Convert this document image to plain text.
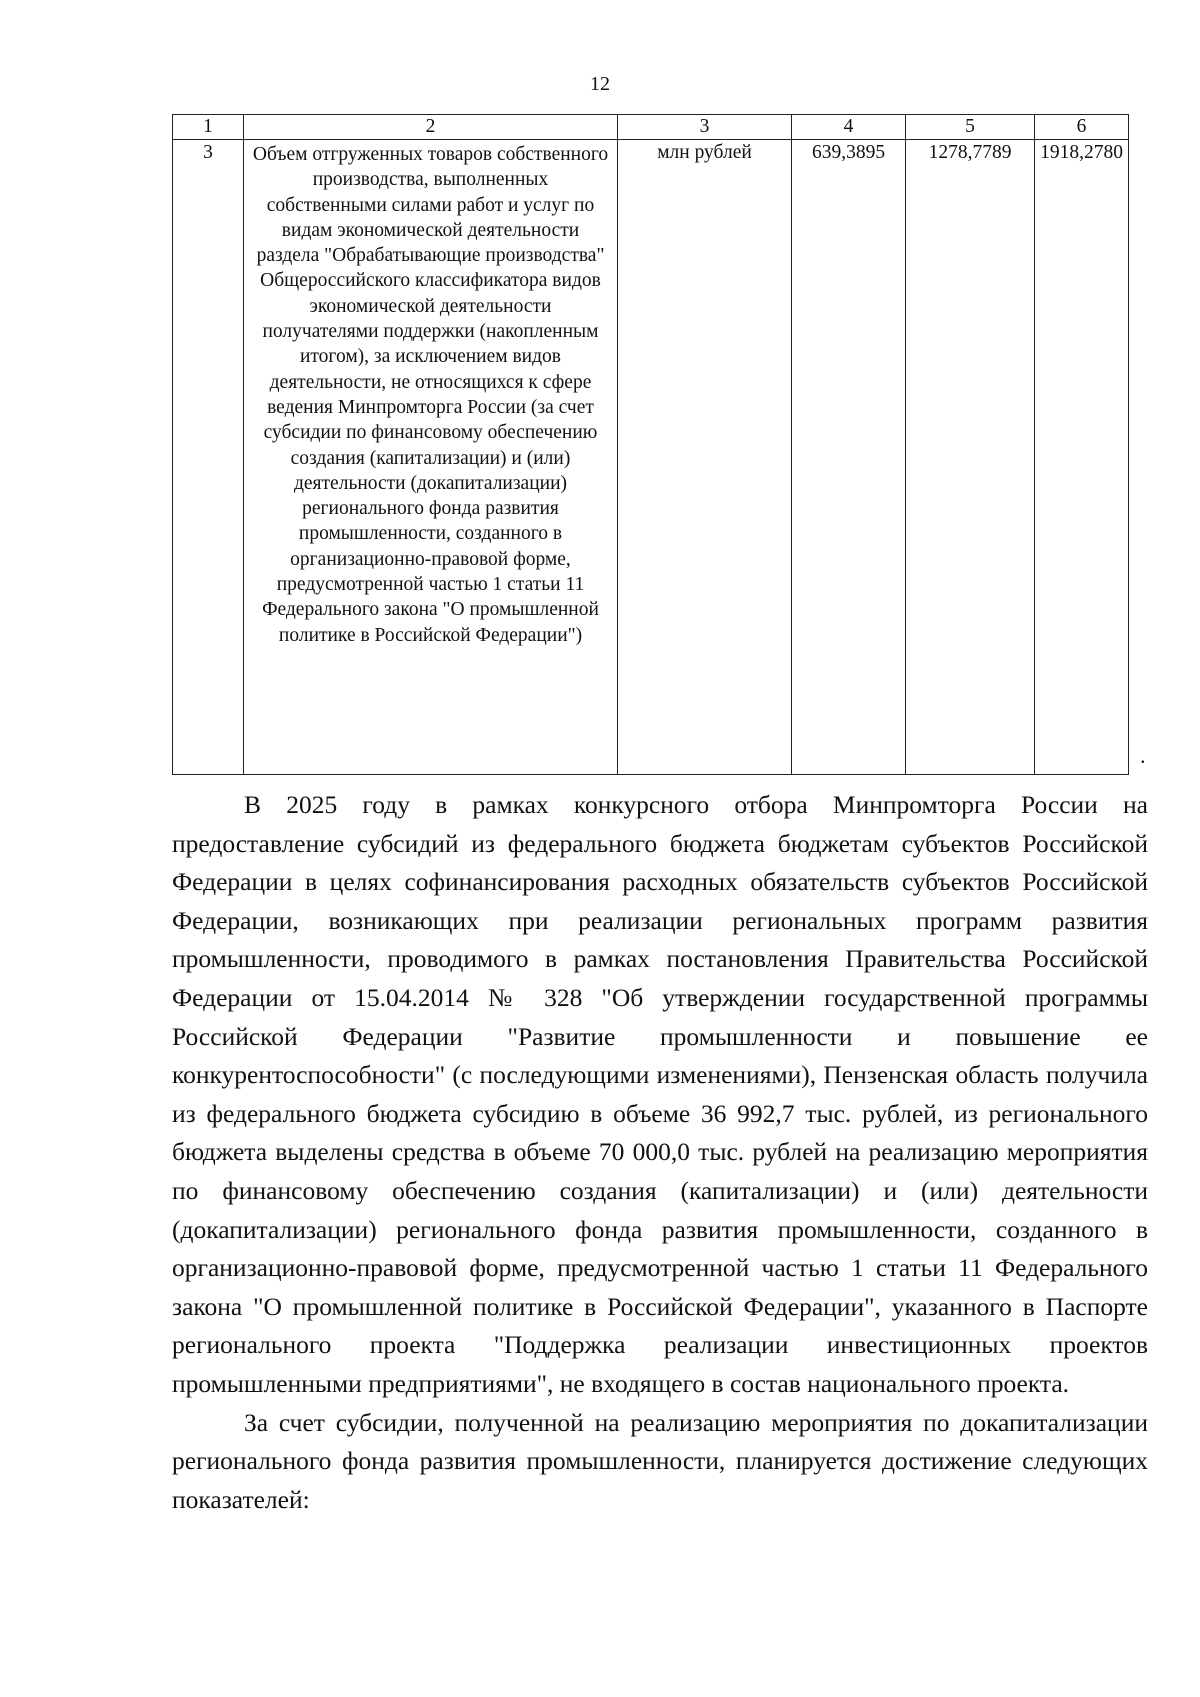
12
1	2	3	4	5	6
3	Объем отгруженных товаров собственного производства, выполненных собственными силами работ и услуг по видам экономической деятельности раздела "Обрабатывающие производства" Общероссийского классификатора видов экономической деятельности получателями поддержки (накопленным итогом), за исключением видов деятельности, не относящихся к сфере ведения Минпромторга России (за счет субсидии по финансовому обеспечению создания (капитализации) и (или) деятельности (докапитализации) регионального фонда развития промышленности, созданного в организационно-правовой форме, предусмотренной частью 1 статьи 11 Федерального закона "О промышленной политике в Российской Федерации")	млн рублей	639,3895	1278,7789	1918,2780
.

В 2025 году в рамках конкурсного отбора Минпромторга России на предоставление субсидий из федерального бюджета бюджетам субъектов Российской Федерации в целях софинансирования расходных обязательств субъектов Российской Федерации, возникающих при реализации региональных программ развития промышленности, проводимого в рамках постановления Правительства Российской Федерации от 15.04.2014 № 328 "Об утверждении государственной программы Российской Федерации "Развитие промышленности и повышение ее конкурентоспособности" (с последующими изменениями), Пензенская область получила из федерального бюджета субсидию в объеме 36 992,7 тыс. рублей, из регионального бюджета выделены средства в объеме 70 000,0 тыс. рублей на реализацию мероприятия по финансовому обеспечению создания (капитализации) и (или) деятельности (докапитализации) регионального фонда развития промышленности, созданного в организационно-правовой форме, предусмотренной частью 1 статьи 11 Федерального закона "О промышленной политике в Российской Федерации", указанного в Паспорте регионального проекта "Поддержка реализации инвестиционных проектов промышленными предприятиями", не входящего в состав национального проекта.

За счет субсидии, полученной на реализацию мероприятия по докапитализации регионального фонда развития промышленности, планируется достижение следующих показателей:
